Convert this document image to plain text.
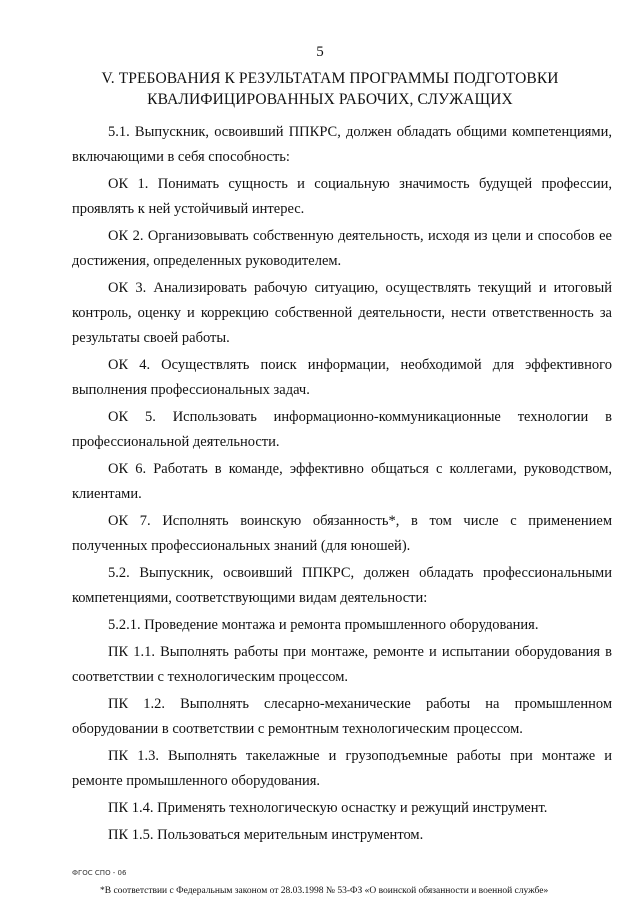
5
V. ТРЕБОВАНИЯ К РЕЗУЛЬТАТАМ ПРОГРАММЫ ПОДГОТОВКИ
КВАЛИФИЦИРОВАННЫХ РАБОЧИХ, СЛУЖАЩИХ

5.1. Выпускник, освоивший ППКРС, должен обладать общими компетенциями, включающими в себя способность:

ОК 1. Понимать сущность и социальную значимость будущей профессии, проявлять к ней устойчивый интерес.

ОК 2. Организовывать собственную деятельность, исходя из цели и способов ее достижения, определенных руководителем.

ОК 3. Анализировать рабочую ситуацию, осуществлять текущий и итоговый контроль, оценку и коррекцию собственной деятельности, нести ответственность за результаты своей работы.

ОК 4. Осуществлять поиск информации, необходимой для эффективного выполнения профессиональных задач.

ОК 5. Использовать информационно-коммуникационные технологии в профессиональной деятельности.

ОК 6. Работать в команде, эффективно общаться с коллегами, руководством, клиентами.

ОК 7. Исполнять воинскую обязанность*, в том числе с применением полученных профессиональных знаний (для юношей).

5.2. Выпускник, освоивший ППКРС, должен обладать профессиональными компетенциями, соответствующими видам деятельности:

5.2.1. Проведение монтажа и ремонта промышленного оборудования.

ПК 1.1. Выполнять работы при монтаже, ремонте и испытании оборудования в соответствии с технологическим процессом.

ПК 1.2. Выполнять слесарно-механические работы на промышленном оборудовании в соответствии с ремонтным технологическим процессом.

ПК 1.3. Выполнять такелажные и грузоподъемные работы при монтаже и ремонте промышленного оборудования.

ПК 1.4. Применять технологическую оснастку и режущий инструмент.

ПК 1.5. Пользоваться мерительным инструментом.

ФГОС СПО - 06
*В соответствии с Федеральным законом от 28.03.1998 № 53-ФЗ «О воинской обязанности и военной службе»
